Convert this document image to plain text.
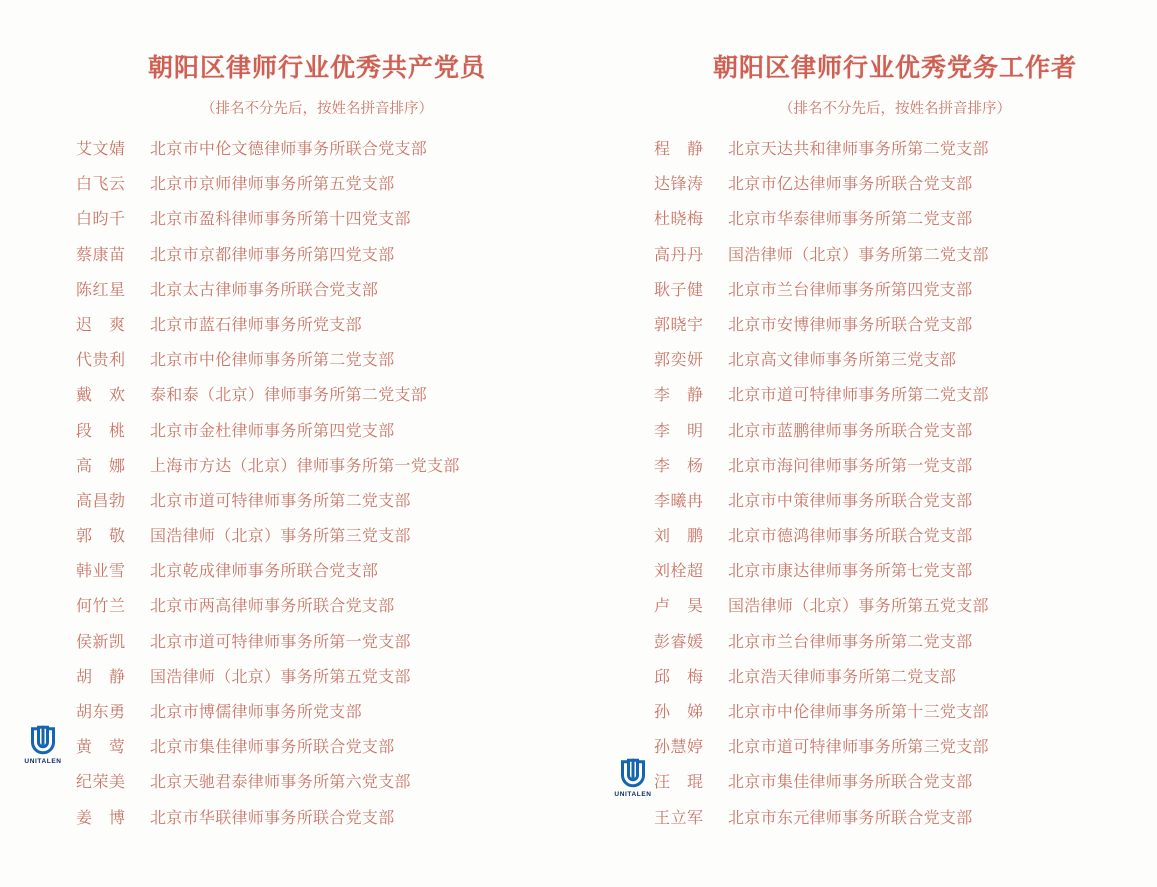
朝阳区律师行业优秀共产党员
（排名不分先后，按姓名拼音排序）
艾文婧 北京市中伦文德律师事务所联合党支部
白飞云 北京市京师律师事务所第五党支部
白昀千 北京市盈科律师事务所第十四党支部
蔡康苗 北京市京都律师事务所第四党支部
陈红星 北京太古律师事务所联合党支部
迟爽 北京市蓝石律师事务所党支部
代贵利 北京市中伦律师事务所第二党支部
戴欢 泰和泰（北京）律师事务所第二党支部
段桃 北京市金杜律师事务所第四党支部
高娜 上海市方达（北京）律师事务所第一党支部
高昌勃 北京市道可特律师事务所第二党支部
郭敬 国浩律师（北京）事务所第三党支部
韩业雪 北京乾成律师事务所联合党支部
何竹兰 北京市两高律师事务所联合党支部
侯新凯 北京市道可特律师事务所第一党支部
胡静 国浩律师（北京）事务所第五党支部
胡东勇 北京市博儒律师事务所党支部
黄莺 北京市集佳律师事务所联合党支部
纪荣美 北京天驰君泰律师事务所第六党支部
姜博 北京市华联律师事务所联合党支部
朝阳区律师行业优秀党务工作者
（排名不分先后，按姓名拼音排序）
程静 北京天达共和律师事务所第二党支部
达锋涛 北京市亿达律师事务所联合党支部
杜晓梅 北京市华泰律师事务所第二党支部
高丹丹 国浩律师（北京）事务所第二党支部
耿子健 北京市兰台律师事务所第四党支部
郭晓宇 北京市安博律师事务所联合党支部
郭奕妍 北京高文律师事务所第三党支部
李静 北京市道可特律师事务所第二党支部
李明 北京市蓝鹏律师事务所联合党支部
李杨 北京市海问律师事务所第一党支部
李曦冉 北京市中策律师事务所联合党支部
刘鹏 北京市德鸿律师事务所联合党支部
刘栓超 北京市康达律师事务所第七党支部
卢昊 国浩律师（北京）事务所第五党支部
彭睿媛 北京市兰台律师事务所第二党支部
邱梅 北京浩天律师事务所第二党支部
孙娣 北京市中伦律师事务所第十三党支部
孙慧婷 北京市道可特律师事务所第三党支部
汪琨 北京市集佳律师事务所联合党支部
王立军 北京市东元律师事务所联合党支部
UNITALEN
UNITALEN
